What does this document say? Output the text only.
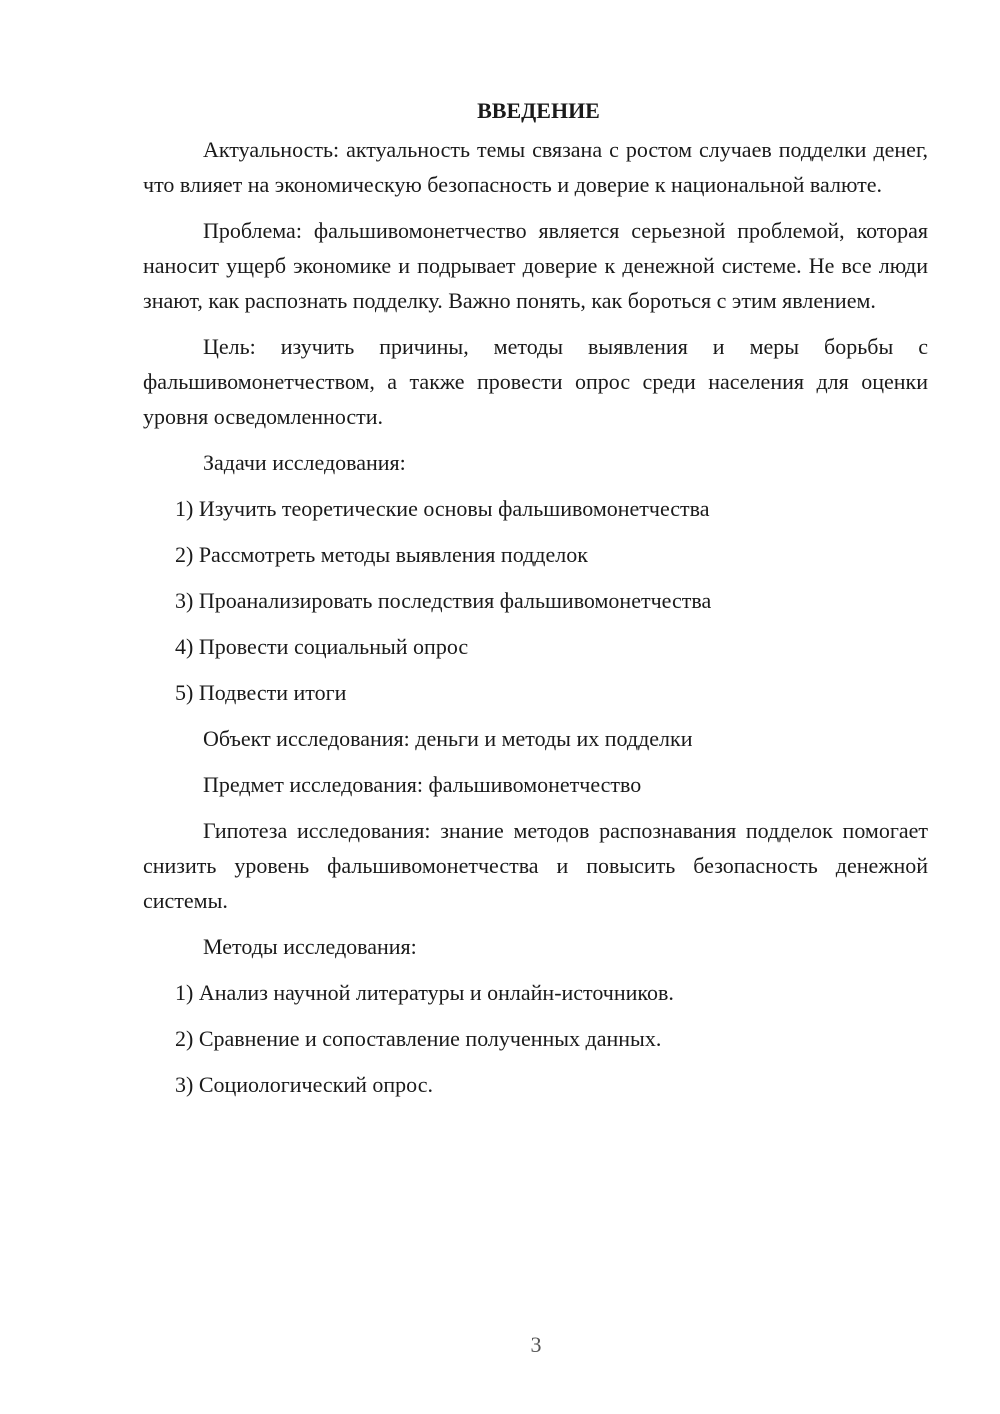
ВВЕДЕНИЕ

Актуальность: актуальность темы связана с ростом случаев подделки денег, что влияет на экономическую безопасность и доверие к национальной валюте.

Проблема: фальшивомонетчество является серьезной проблемой, которая наносит ущерб экономике и подрывает доверие к денежной системе. Не все люди знают, как распознать подделку. Важно понять, как бороться с этим явлением.

Цель: изучить причины, методы выявления и меры борьбы с фальшивомонетчеством, а также провести опрос среди населения для оценки уровня осведомленности.

Задачи исследования:

1) Изучить теоретические основы фальшивомонетчества

2) Рассмотреть методы выявления подделок

3) Проанализировать последствия фальшивомонетчества

4) Провести социальный опрос

5) Подвести итоги

Объект исследования: деньги и методы их подделки

Предмет исследования: фальшивомонетчество

Гипотеза исследования: знание методов распознавания подделок помогает снизить уровень фальшивомонетчества и повысить безопасность денежной системы.

Методы исследования:

1) Анализ научной литературы и онлайн-источников.

2) Сравнение и сопоставление полученных данных.

3) Социологический опрос.

3
